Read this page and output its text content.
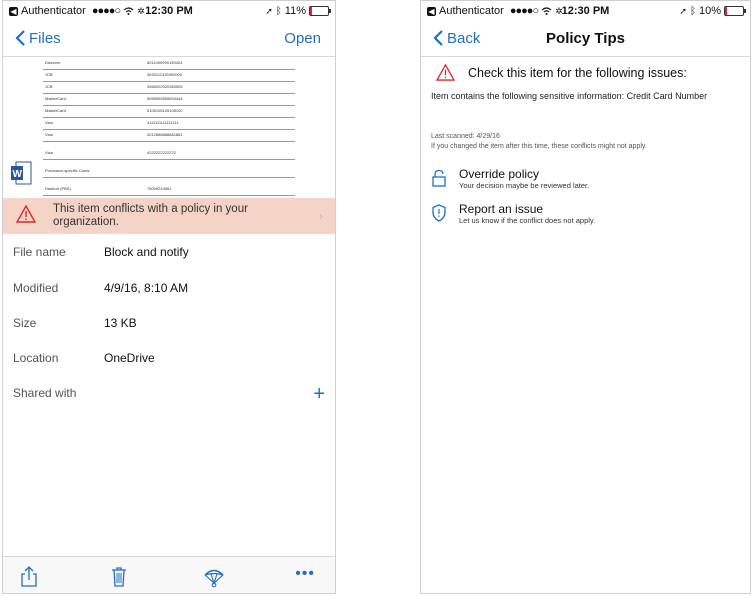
◀ Authenticator ●●●●○ ✲ 12:30 PM	➚ ᛒ 11%
Files	Open
Discover	6011000990139424
JCB	3530111333300000
JCB	3566002020360505
MasterCard	5555555555554444
MasterCard	5105105105105100
Visa	4111111111111111
Visa	4012888888881881
Visa	4222222222222
Processor-specific Cards
Dankort (PBS)	76009244561
W
This item conflicts with a policy in your organization.	›
File name	Block and notify
Modified	4/9/16, 8:10 AM
Size	13 KB
Location	OneDrive
Shared with	+
•••
◀ Authenticator ●●●●○ ✲ 12:30 PM	➚ ᛒ 10%
Policy Tips
Back
Check this item for the following issues:
Item contains the following sensitive information: Credit Card Number
Last scanned: 4/29/16
If you changed the item after this time, these conflicts might not apply.
Override policy
Your decision maybe be reviewed later.
Report an issue
Let us know if the conflict does not apply.
